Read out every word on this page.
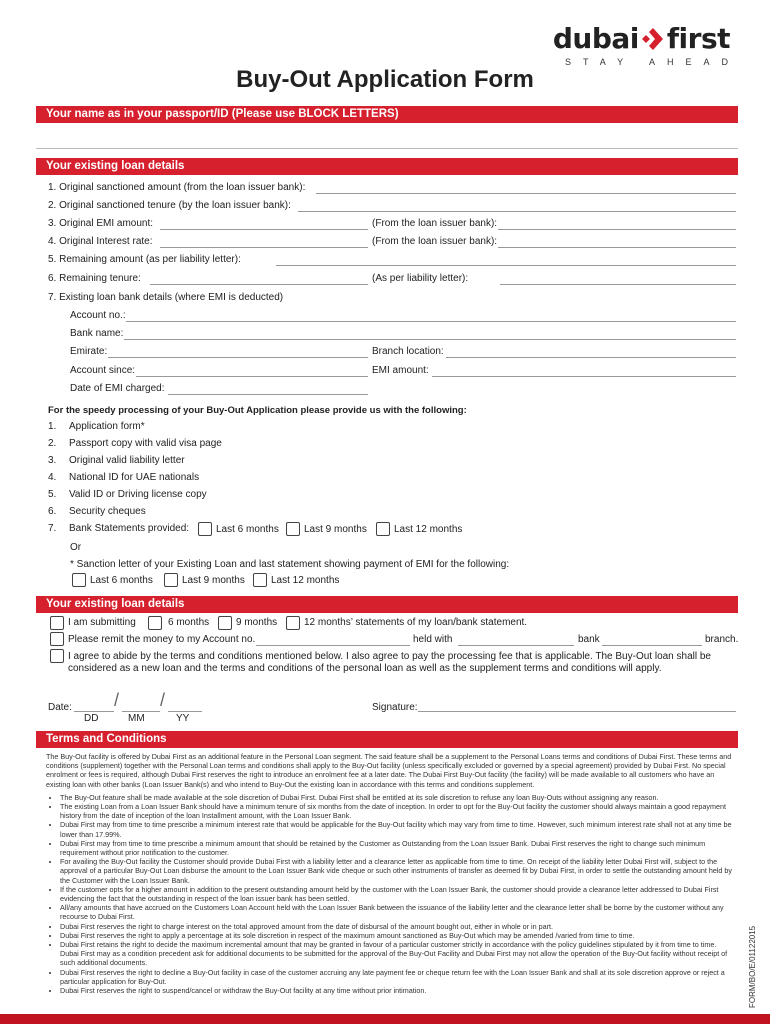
dubai first
STAY AHEAD
Buy-Out Application Form
Your name as in your passport/ID (Please use BLOCK LETTERS)
Your existing loan details
1. Original sanctioned amount (from the loan issuer bank):
2. Original sanctioned tenure (by the loan issuer bank):
3. Original EMI amount:	(From the loan issuer bank):
4. Original Interest rate:	(From the loan issuer bank):
5. Remaining amount (as per liability letter):
6. Remaining tenure:	(As per liability letter):
7. Existing loan bank details (where EMI is deducted)
Account no.:
Bank name:
Emirate:	Branch location:
Account since:	EMI amount:
Date of EMI charged:
For the speedy processing of your Buy-Out Application please provide us with the following:
1. Application form*
2. Passport copy with valid visa page
3. Original valid liability letter
4. National ID for UAE nationals
5. Valid ID or Driving license copy
6. Security cheques
7. Bank Statements provided:	Last 6 months	Last 9 months	Last 12 months
Or
* Sanction letter of your Existing Loan and last statement showing payment of EMI for the following:
Last 6 months	Last 9 months	Last 12 months
Your existing loan details
I am submitting	6 months	9 months	12 months’ statements of my loan/bank statement.
Please remit the money to my Account no.	held with	bank	branch.
I agree to abide by the terms and conditions mentioned below. I also agree to pay the processing fee that is applicable. The Buy-Out loan shall be
considered as a new loan and the terms and conditions of the personal loan as well as the supplement terms and conditions will apply.
Date: / /
DD	MM	YY
Signature:
Terms and Conditions
The Buy-Out facility is offered by Dubai First as an additional feature in the Personal Loan segment. The said feature shall be a supplement to the Personal Loans terms and conditions of Dubai First. These terms and conditions (supplement) together with the Personal Loan terms and conditions shall apply to the Buy-Out facility (unless specifically excluded or governed by a special agreement) provided by Dubai First. No special enrolment or fees is required, although Dubai First reserves the right to introduce an enrolment fee at a later date. The Dubai First Buy-Out facility (the facility) will be made available to all customers who have an existing loan with other banks (Loan Issuer Bank(s) and who intend to Buy-Out the existing loan in accordance with this terms and conditions supplement.
• The Buy-Out feature shall be made available at the sole discretion of Dubai First. Dubai First shall be entitled at its sole discretion to refuse any loan Buy-Outs without assigning any reason.
• The existing Loan from a Loan Issuer Bank should have a minimum tenure of six months from the date of inception. In order to opt for the Buy-Out facility the customer should always maintain a good repayment history from the date of inception of the loan Installment amount, with the Loan Issuer Bank.
• Dubai First may from time to time prescribe a minimum interest rate that would be applicable for the Buy-Out facility which may vary from time to time. However, such minimum interest rate shall not at any time be lower than 17.99%.
• Dubai First may from time to time prescribe a minimum amount that should be retained by the Customer as Outstanding from the Loan Issuer Bank. Dubai First reserves the right to change such minimum requirement without prior notification to the customer.
• For availing the Buy-Out facility the Customer should provide Dubai First with a liability letter and a clearance letter as applicable from time to time. On receipt of the liability letter Dubai First will, subject to the approval of a particular Buy-Out Loan disburse the amount to the Loan Issuer Bank vide cheque or such other instruments of transfer as deemed fit by Dubai First, in order to settle the outstanding amount held by the Customer with the Loan Issuer Bank.
• If the customer opts for a higher amount in addition to the present outstanding amount held by the customer with the Loan Issuer Bank, the customer should provide a clearance letter addressed to Dubai First evidencing the fact that the outstanding in respect of the loan issuer bank has been settled.
• All/any amounts that have accrued on the Customers Loan Account held with the Loan Issuer Bank between the issuance of the liability letter and the clearance letter shall be borne by the customer without any recourse to Dubai First.
• Dubai First reserves the right to charge interest on the total approved amount from the date of disbursal of the amount bought out, either in whole or in part.
• Dubai First reserves the right to apply a percentage at its sole discretion in respect of the maximum amount sanctioned as Buy-Out which may be amended /varied from time to time.
• Dubai First retains the right to decide the maximum incremental amount that may be granted in favour of a particular customer strictly in accordance with the policy guidelines stipulated by it from time to time. Dubai First may as a condition precedent ask for additional documents to be submitted for the approval of the Buy-Out Facility and Dubai First may not allow the operation of the Buy-Out facility without receipt of such additional documents.
• Dubai First reserves the right to decline a Buy-Out facility in case of the customer accruing any late payment fee or cheque return fee with the Loan Issuer Bank and shall at its sole discretion approve or reject a particular application for Buy-Out.
• Dubai First reserves the right to suspend/cancel or withdraw the Buy-Out facility at any time without prior intimation.	FORM/BO/E/01122015
